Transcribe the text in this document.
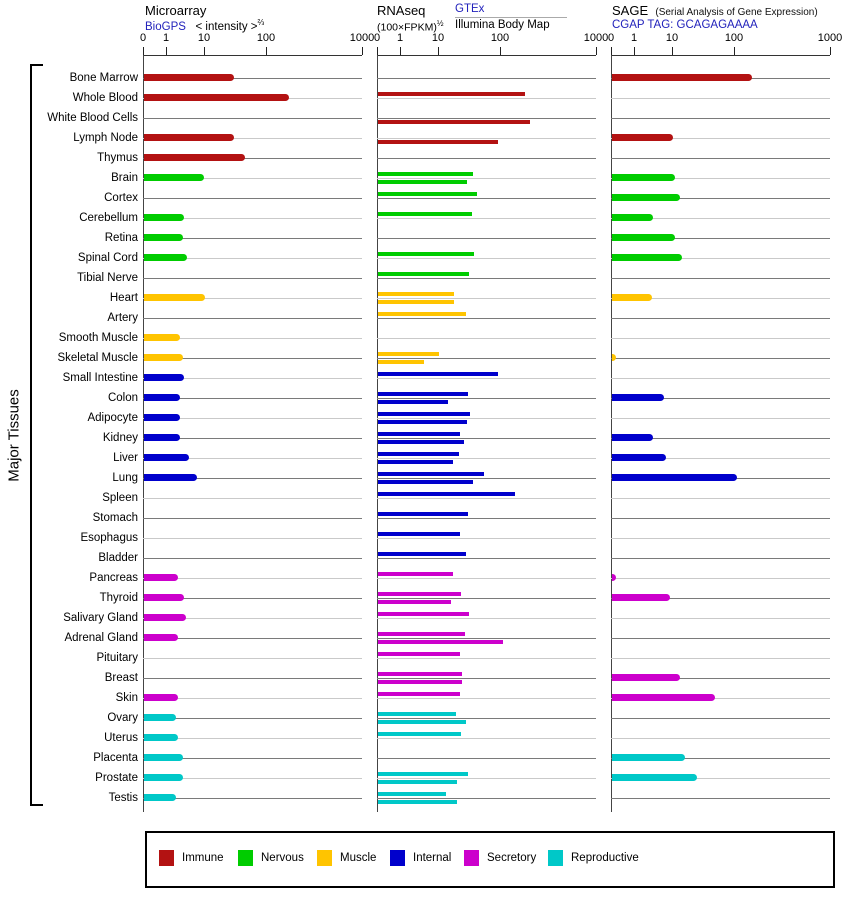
Microarray
BioGPS < intensity >$^{\frac{2}{3}}$
RNAseq
(100×FPKM)$^{\frac{1}{2}}$
GTEx
Illumina Body Map
SAGE (Serial Analysis of Gene Expression)
CGAP TAG: GCAGAGAAAA
Major Tissues
0	1	10	100	1000 0	1	10	100	1000 0	1	10	100	1000
Bone Marrow
Whole Blood
White Blood Cells
Lymph Node
Thymus
Brain
Cortex
Cerebellum
Retina
Spinal Cord
Tibial Nerve
Heart
Artery
Smooth Muscle
Skeletal Muscle
Small Intestine
Colon
Adipocyte
Kidney
Liver
Lung
Spleen
Stomach
Esophagus
Bladder
Pancreas
Thyroid
Salivary Gland
Adrenal Gland
Pituitary
Breast
Skin
Ovary
Uterus
Placenta
Prostate
Testis
Immune	Nervous	Muscle	Internal	Secretory	Reproductive
